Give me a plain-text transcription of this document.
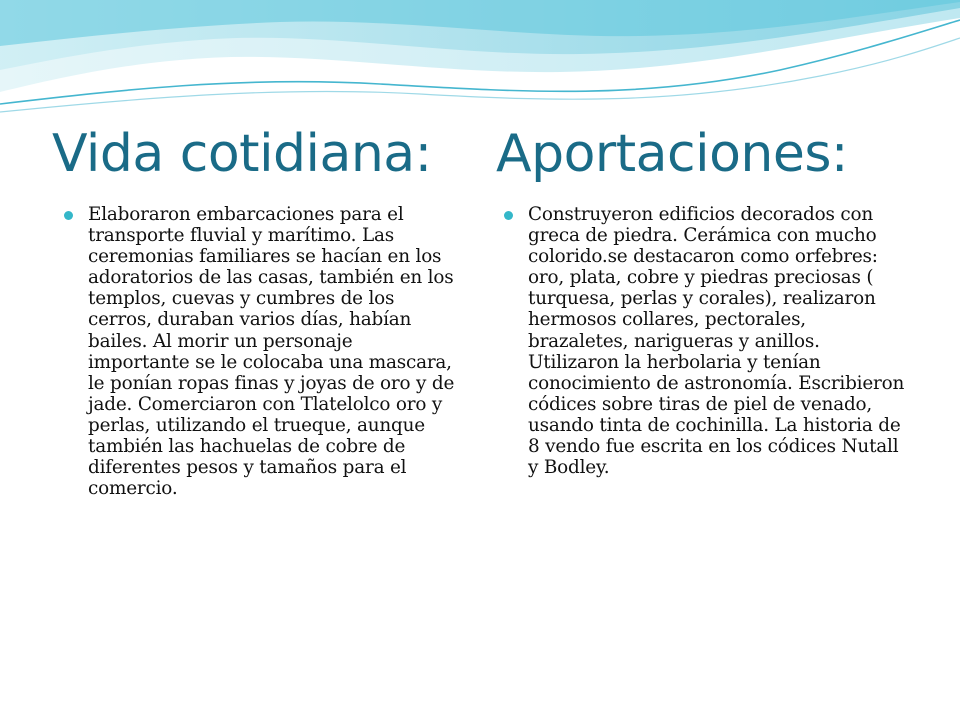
Vida cotidiana: Aportaciones:
Elaboraron embarcaciones para el transporte fluvial y marítimo. Las ceremonias familiares se hacían en los adoratorios de las casas, también en los templos, cuevas y cumbres de los cerros, duraban varios días, habían bailes. Al morir un personaje importante se le colocaba una mascara, le ponían ropas finas y joyas de oro y de jade. Comerciaron con Tlatelolco oro y perlas, utilizando el trueque, aunque también las hachuelas de cobre de diferentes pesos y tamaños para el comercio.
Construyeron edificios decorados con greca de piedra. Cerámica con mucho colorido.se destacaron como orfebres: oro, plata, cobre y piedras preciosas ( turquesa, perlas y corales), realizaron hermosos collares, pectorales, brazaletes, narigueras y anillos. Utilizaron la herbolaria y tenían conocimiento de astronomía. Escribieron códices sobre tiras de piel de venado, usando tinta de cochinilla. La historia de 8 vendo fue escrita en los códices Nutall y Bodley.
